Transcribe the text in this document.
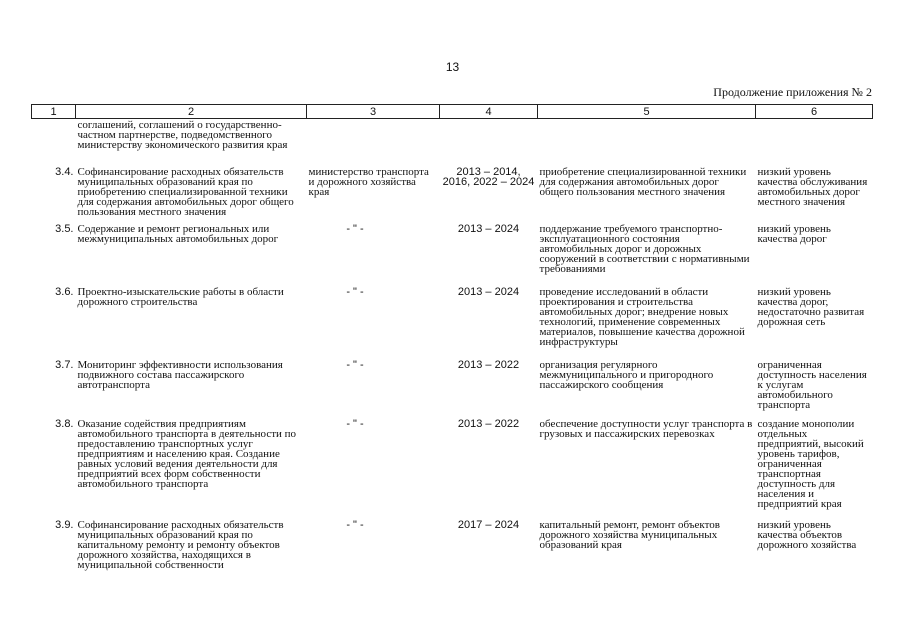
13
Продолжение приложения № 2
1	2	3	4	5	6
	соглашений, соглашений о государственно-частном партнерстве, подведомственного министерству экономического развития края				
3.4.	Софинансирование расходных обязательств муниципальных образований края по приобретению специализированной техники для содержания автомобильных дорог общего пользования местного значения	министерство транспорта и дорожного хозяйства края	2013 – 2014, 2016, 2022 – 2024	приобретение специализированной техники для содержания автомобильных дорог общего пользования местного значения	низкий уровень качества обслуживания автомобильных дорог местного значения
3.5.	Содержание и ремонт региональных или межмуниципальных автомобильных дорог	- " -	2013 – 2024	поддержание требуемого транспортно-эксплуатационного состояния автомобильных дорог и дорожных сооружений в соответствии с нормативными требованиями	низкий уровень качества дорог
3.6.	Проектно-изыскательские работы в области дорожного строительства	- " -	2013 – 2024	проведение исследований в области проектирования и строительства автомобильных дорог; внедрение новых технологий, применение современных материалов, повышение качества дорожной инфраструктуры	низкий уровень качества дорог, недостаточно развитая дорожная сеть
3.7.	Мониторинг эффективности использования подвижного состава пассажирского автотранспорта	- " -	2013 – 2022	организация регулярного межмуниципального и пригородного пассажирского сообщения	ограниченная доступность населения к услугам автомобильного транспорта
3.8.	Оказание содействия предприятиям автомобильного транспорта в деятельности по предоставлению транспортных услуг предприятиям и населению края. Создание равных условий ведения деятельности для предприятий всех форм собственности автомобильного транспорта	- " -	2013 – 2022	обеспечение доступности услуг транспорта в грузовых и пассажирских перевозках	создание монополии отдельных предприятий, высокий уровень тарифов, ограниченная транспортная доступность для населения и предприятий края
3.9.	Софинансирование расходных обязательств муниципальных образований края по капитальному ремонту и ремонту объектов дорожного хозяйства, находящихся в муниципальной собственности	- " -	2017 – 2024	капитальный ремонт, ремонт объектов дорожного хозяйства муниципальных образований края	низкий уровень качества объектов дорожного хозяйства
